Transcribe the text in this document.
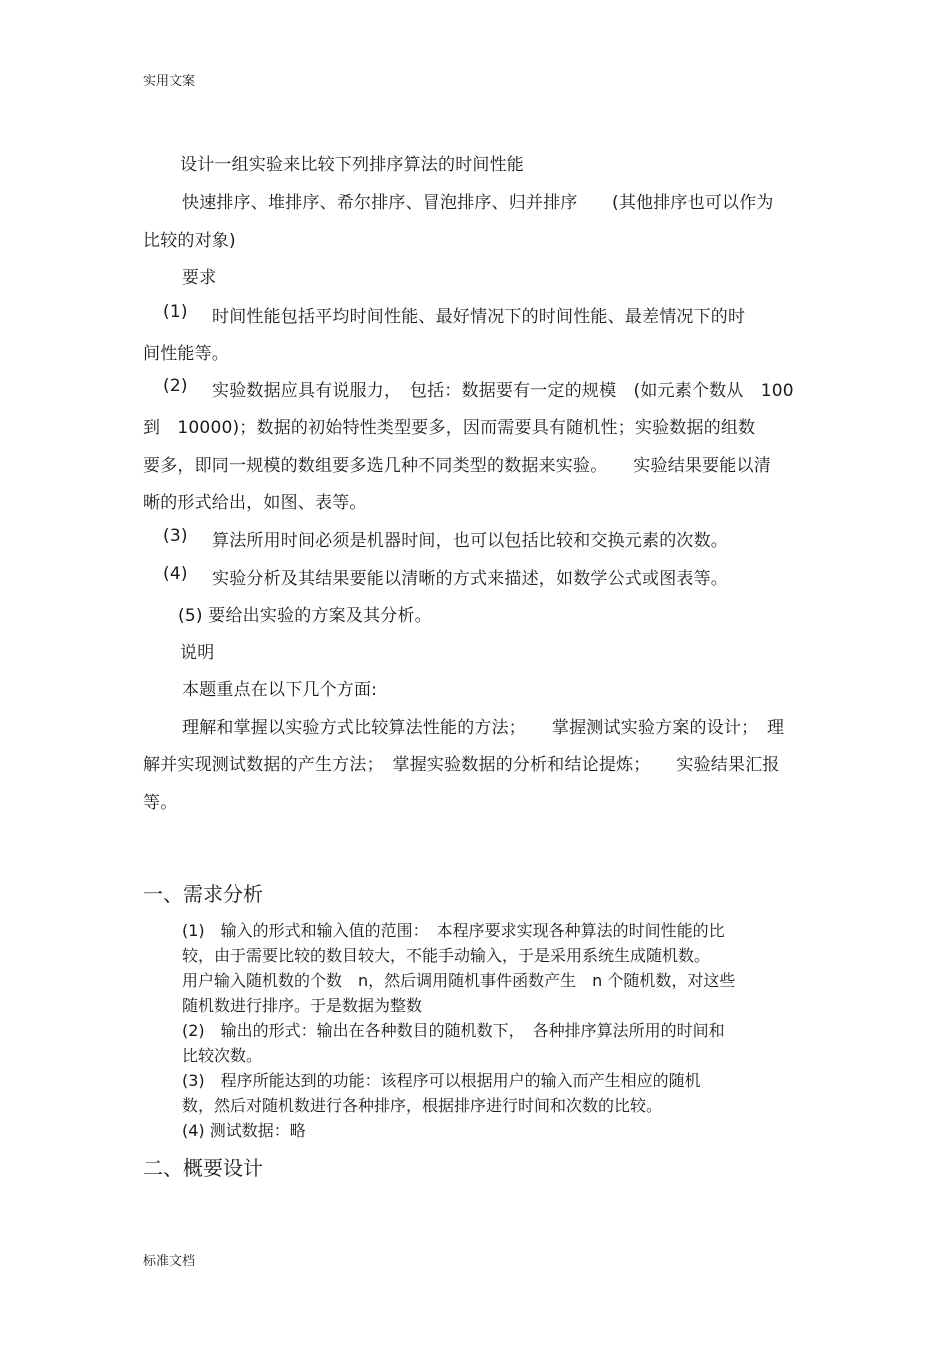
实用文案
设计一组实验来比较下列排序算法的时间性能
快速排序、堆排序、希尔排序、冒泡排序、归并排序　　(其他排序也可以作为
比较的对象)
要求
(1) 时间性能包括平均时间性能、最好情况下的时间性能、最差情况下的时
间性能等。
(2) 实验数据应具有说服力，　包括：数据要有一定的规模　(如元素个数从　100
到　10000)；数据的初始特性类型要多，因而需要具有随机性；实验数据的组数
要多，即同一规模的数组要多选几种不同类型的数据来实验。　　实验结果要能以清
晰的形式给出，如图、表等。
(3) 算法所用时间必须是机器时间，也可以包括比较和交换元素的次数。
(4) 实验分析及其结果要能以清晰的方式来描述，如数学公式或图表等。
(5) 要给出实验的方案及其分析。
说明
本题重点在以下几个方面:
理解和掌握以实验方式比较算法性能的方法；　　掌握测试实验方案的设计；　理
解并实现测试数据的产生方法；　掌握实验数据的分析和结论提炼；　　实验结果汇报
等。
一、需求分析
(1)　输入的形式和输入值的范围：　本程序要求实现各种算法的时间性能的比
较，由于需要比较的数目较大，不能手动输入，于是采用系统生成随机数。
用户输入随机数的个数　n，然后调用随机事件函数产生　n 个随机数，对这些
随机数进行排序。于是数据为整数
(2)　输出的形式：输出在各种数目的随机数下，　各种排序算法所用的时间和
比较次数。
(3)　程序所能达到的功能：该程序可以根据用户的输入而产生相应的随机
数，然后对随机数进行各种排序，根据排序进行时间和次数的比较。
(4) 测试数据：略
二、概要设计
标准文档
